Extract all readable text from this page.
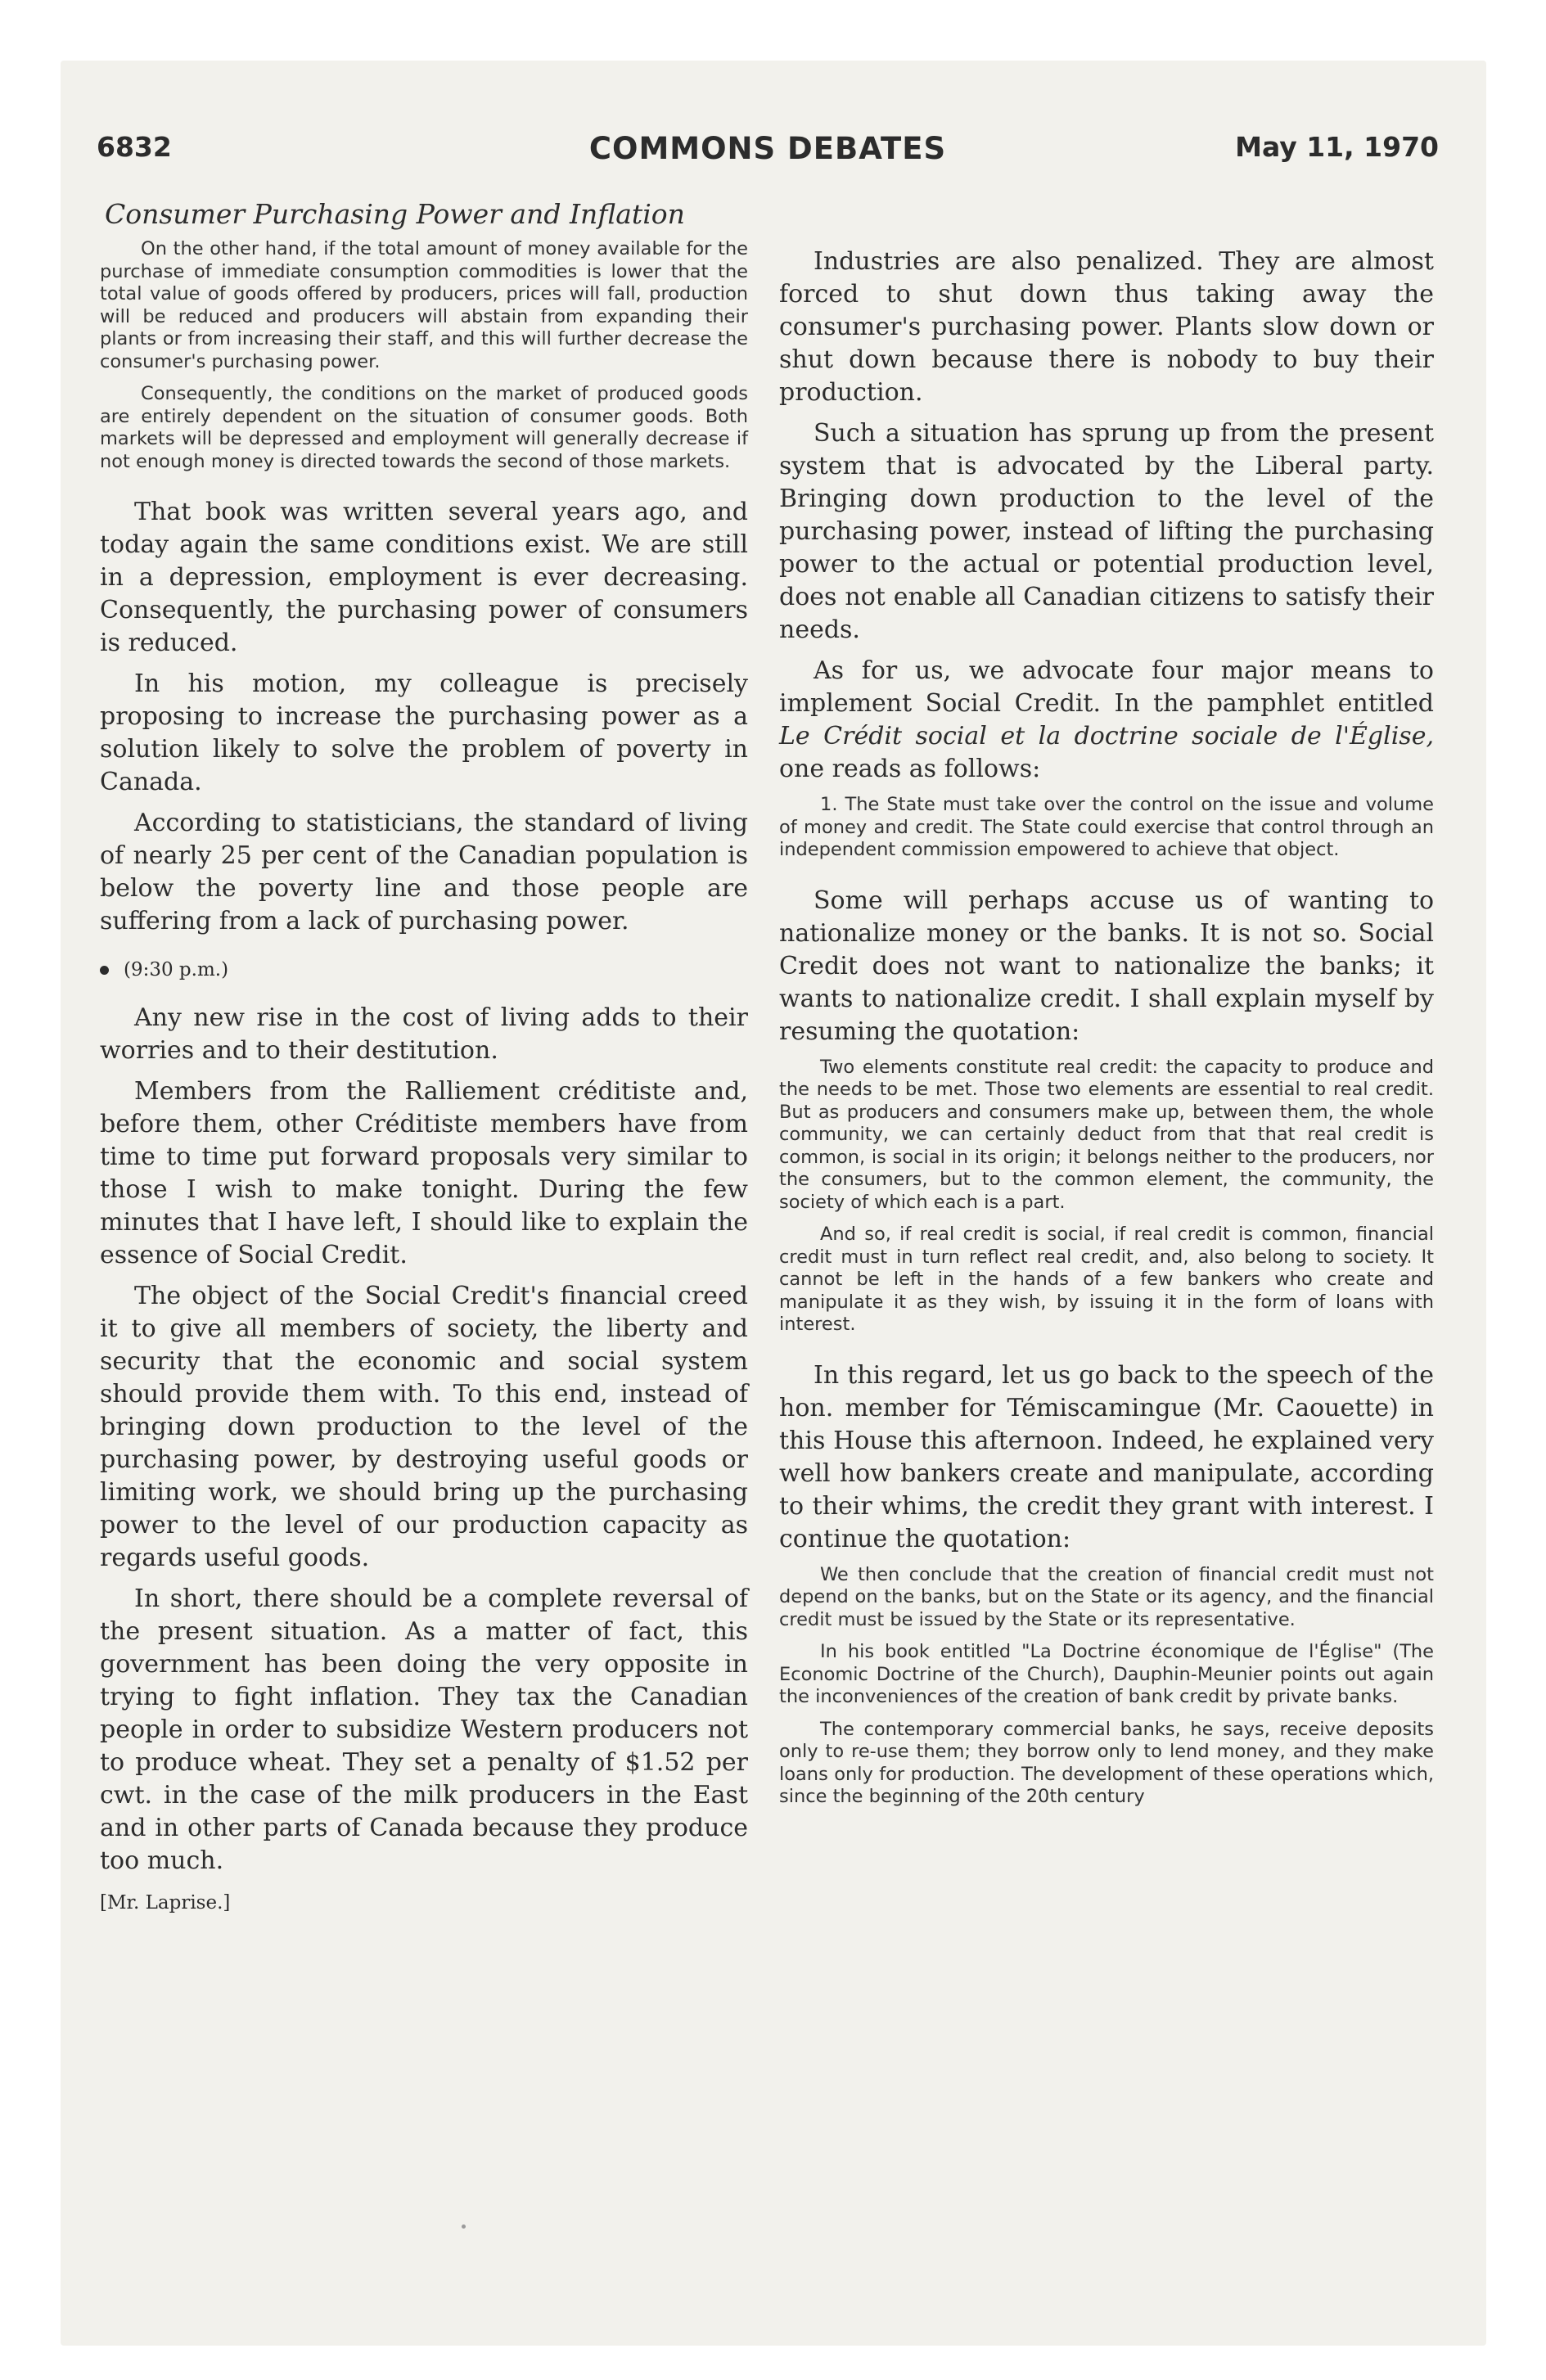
6832	COMMONS DEBATES	May 11, 1970
Consumer Purchasing Power and Inflation

On the other hand, if the total amount of money available for the purchase of immediate consumption commodities is lower that the total value of goods offered by producers, prices will fall, production will be reduced and producers will abstain from expanding their plants or from increasing their staff, and this will further decrease the consumer's purchasing power.

Consequently, the conditions on the market of produced goods are entirely dependent on the situation of consumer goods. Both markets will be depressed and employment will generally decrease if not enough money is directed towards the second of those markets.

That book was written several years ago, and today again the same conditions exist. We are still in a depression, employment is ever decreasing. Consequently, the purchasing power of consumers is reduced.

In his motion, my colleague is precisely proposing to increase the purchasing power as a solution likely to solve the problem of poverty in Canada.

According to statisticians, the standard of living of nearly 25 per cent of the Canadian population is below the poverty line and those people are suffering from a lack of purchasing power.

(9:30 p.m.)

Any new rise in the cost of living adds to their worries and to their destitution.

Members from the Ralliement créditiste and, before them, other Créditiste members have from time to time put forward proposals very similar to those I wish to make tonight. During the few minutes that I have left, I should like to explain the essence of Social Credit.

The object of the Social Credit's financial creed it to give all members of society, the liberty and security that the economic and social system should provide them with. To this end, instead of bringing down production to the level of the purchasing power, by destroying useful goods or limiting work, we should bring up the purchasing power to the level of our production capacity as regards useful goods.

In short, there should be a complete reversal of the present situation. As a matter of fact, this government has been doing the very opposite in trying to fight inflation. They tax the Canadian people in order to subsidize Western producers not to produce wheat. They set a penalty of $1.52 per cwt. in the case of the milk producers in the East and in other parts of Canada because they produce too much.

[Mr. Laprise.]

Industries are also penalized. They are almost forced to shut down thus taking away the consumer's purchasing power. Plants slow down or shut down because there is nobody to buy their production.

Such a situation has sprung up from the present system that is advocated by the Liberal party. Bringing down production to the level of the purchasing power, instead of lifting the purchasing power to the actual or potential production level, does not enable all Canadian citizens to satisfy their needs.

As for us, we advocate four major means to implement Social Credit. In the pamphlet entitled Le Crédit social et la doctrine sociale de l'Église, one reads as follows:

1. The State must take over the control on the issue and volume of money and credit. The State could exercise that control through an independent commission empowered to achieve that object.

Some will perhaps accuse us of wanting to nationalize money or the banks. It is not so. Social Credit does not want to nationalize the banks; it wants to nationalize credit. I shall explain myself by resuming the quotation:

Two elements constitute real credit: the capacity to produce and the needs to be met. Those two elements are essential to real credit. But as producers and consumers make up, between them, the whole community, we can certainly deduct from that that real credit is common, is social in its origin; it belongs neither to the producers, nor the consumers, but to the common element, the community, the society of which each is a part.

And so, if real credit is social, if real credit is common, financial credit must in turn reflect real credit, and, also belong to society. It cannot be left in the hands of a few bankers who create and manipulate it as they wish, by issuing it in the form of loans with interest.

In this regard, let us go back to the speech of the hon. member for Témiscamingue (Mr. Caouette) in this House this afternoon. Indeed, he explained very well how bankers create and manipulate, according to their whims, the credit they grant with interest. I continue the quotation:

We then conclude that the creation of financial credit must not depend on the banks, but on the State or its agency, and the financial credit must be issued by the State or its representative.

In his book entitled "La Doctrine économique de l'Église" (The Economic Doctrine of the Church), Dauphin-Meunier points out again the inconveniences of the creation of bank credit by private banks.

The contemporary commercial banks, he says, receive deposits only to re-use them; they borrow only to lend money, and they make loans only for production. The development of these operations which, since the beginning of the 20th century
